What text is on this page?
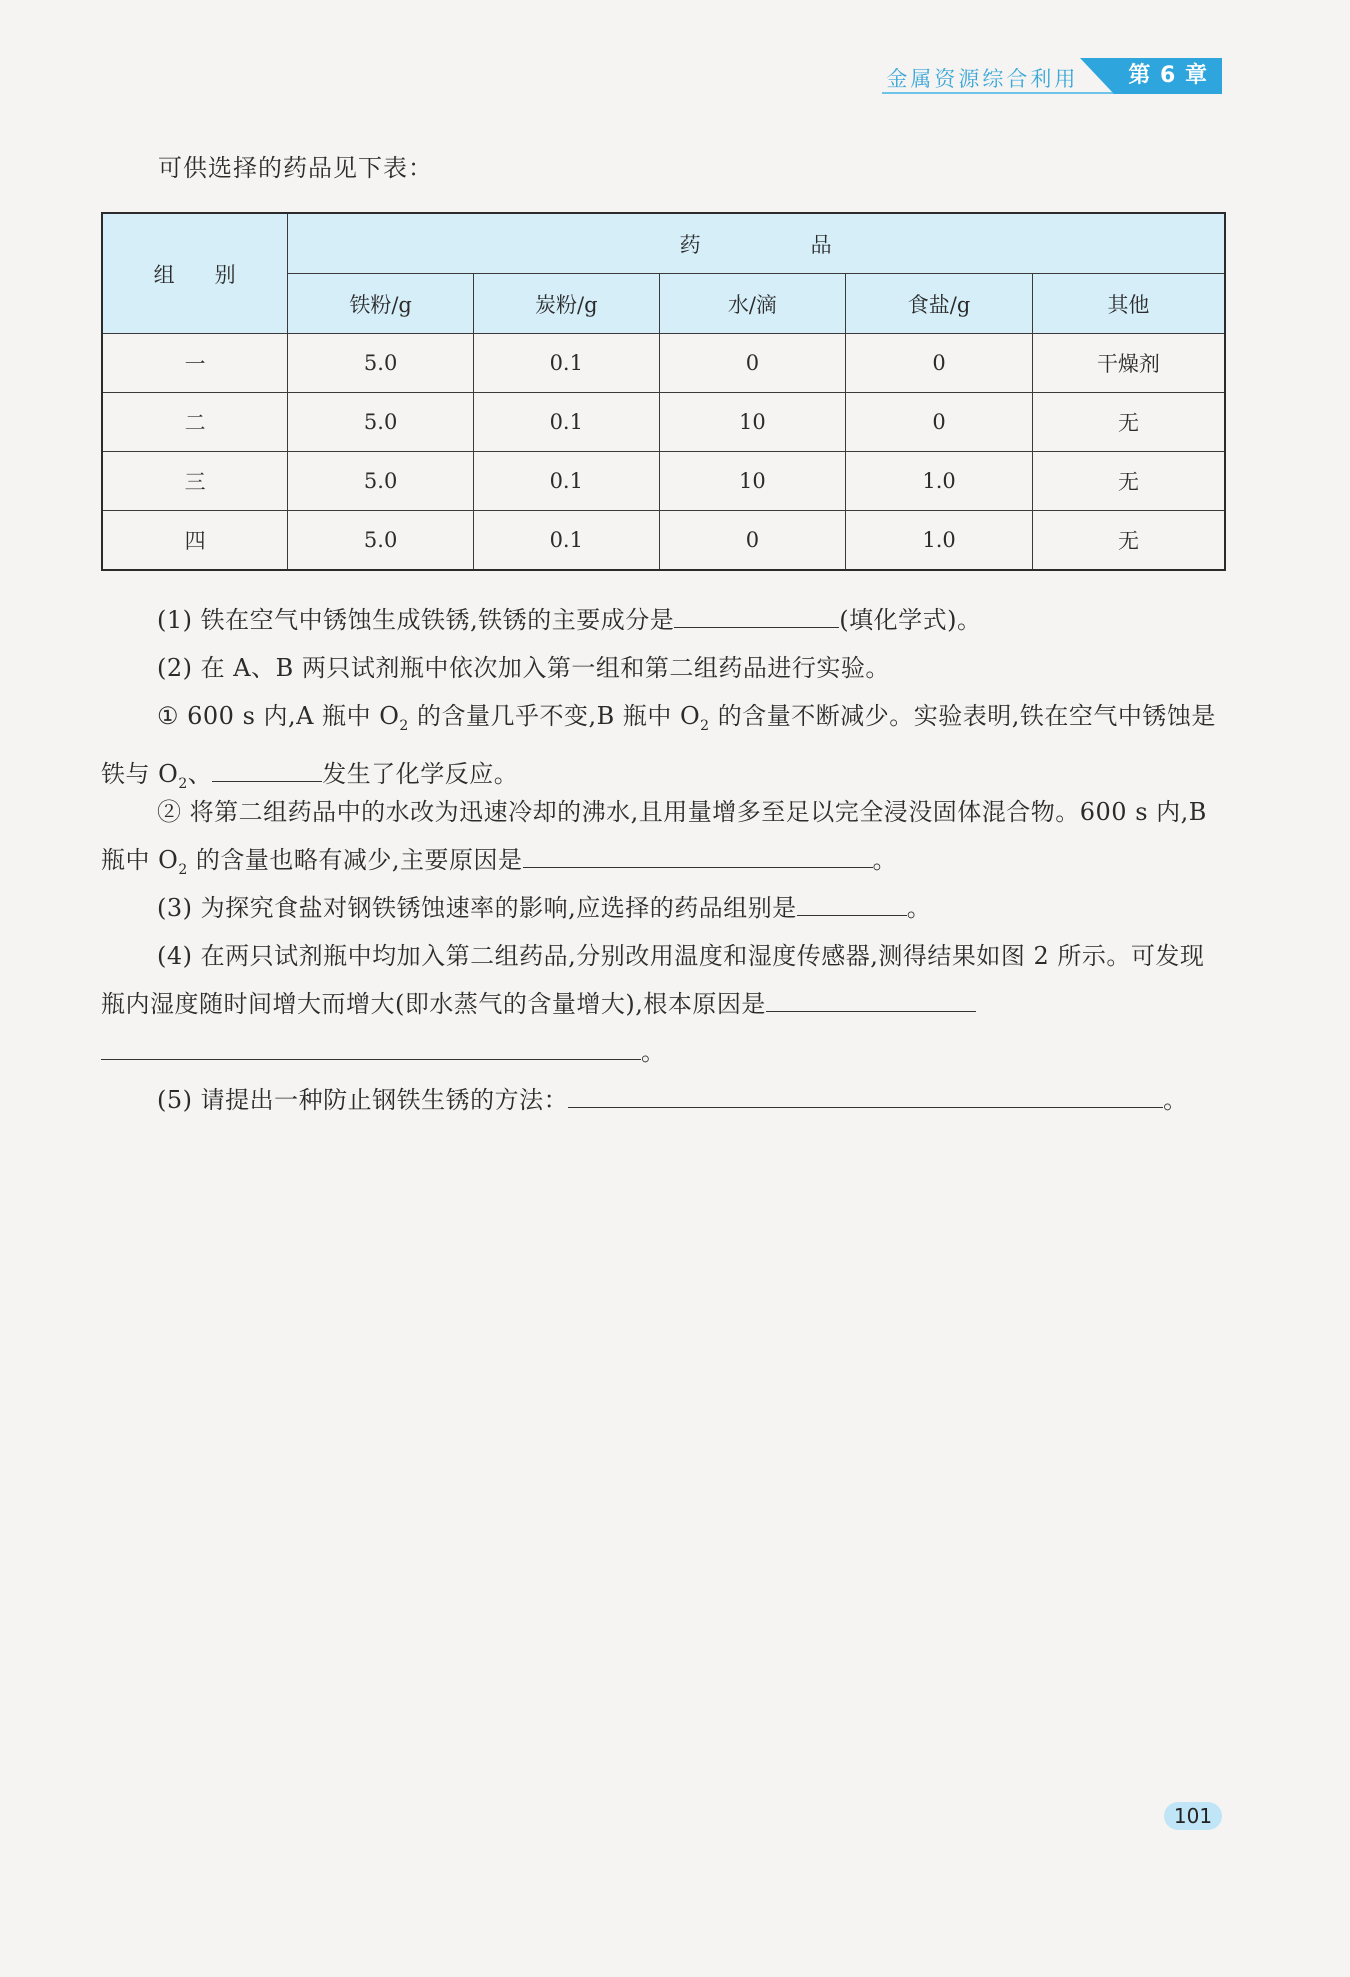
金属资源综合利用	第 6 章
可供选择的药品见下表：
组别	药品				
	铁粉/g	炭粉/g	水/滴	食盐/g	其他
一	5.0	0.1	0	0	干燥剂
二	5.0	0.1	10	0	无
三	5.0	0.1	10	1.0	无
四	5.0	0.1	0	1.0	无
(1) 铁在空气中锈蚀生成铁锈,铁锈的主要成分是	(填化学式)。
(2) 在 A、B 两只试剂瓶中依次加入第一组和第二组药品进行实验。
① 600 s 内,A 瓶中 $O_2$ 的含量几乎不变,B 瓶中 $O_2$ 的含量不断减少。实验表明,铁在空气中锈蚀是铁与 $O_2$、	发生了化学反应。
② 将第二组药品中的水改为迅速冷却的沸水,且用量增多至足以完全浸没固体混合物。600 s 内,B 瓶中 $O_2$ 的含量也略有减少,主要原因是	。
(3) 为探究食盐对钢铁锈蚀速率的影响,应选择的药品组别是	。
(4) 在两只试剂瓶中均加入第二组药品,分别改用温度和湿度传感器,测得结果如图 2 所示。可发现瓶内湿度随时间增大而增大(即水蒸气的含量增大),根本原因是
。
(5) 请提出一种防止钢铁生锈的方法：	。
101
